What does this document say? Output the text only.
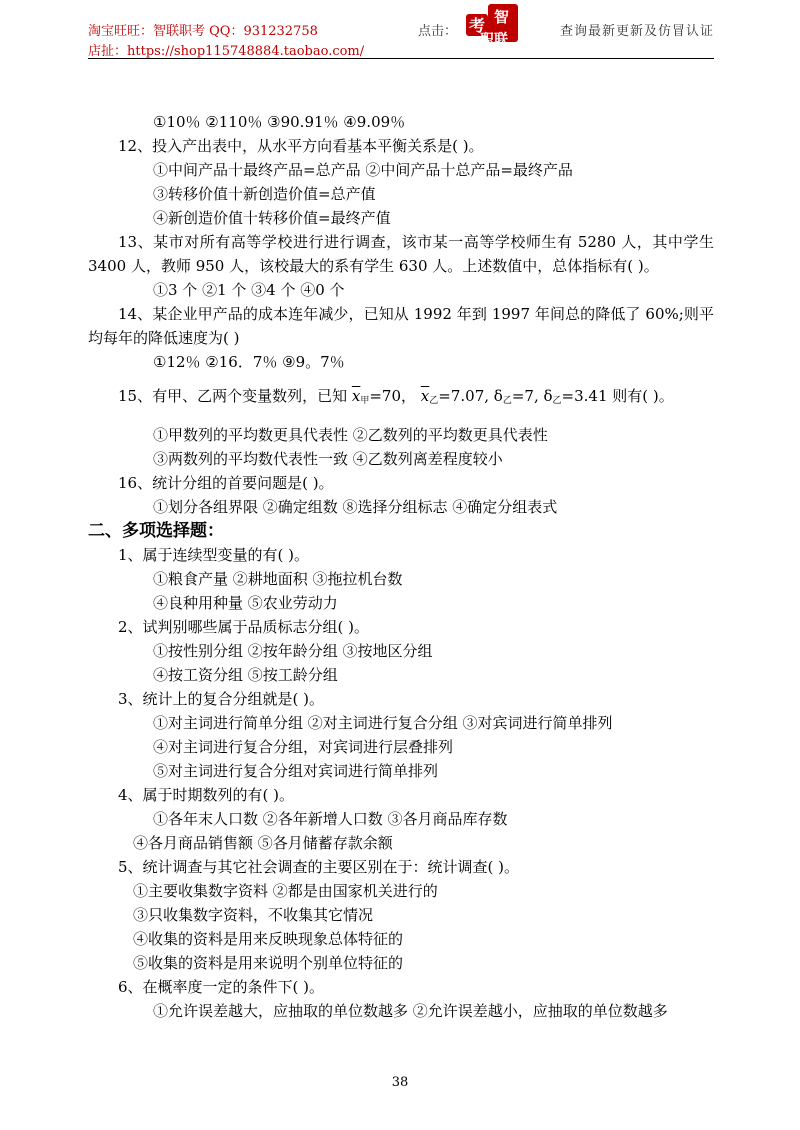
淘宝旺旺：智联职考 QQ：931232758
店扯：https://shop115748884.taobao.com/
点击： 考 智
职联
查询最新更新及仿冒认证
①10％ ②110％ ③90.91％ ④9.09％
12、投入产出表中，从水平方向看基本平衡关系是( )。
①中间产品十最终产品=总产品 ②中间产品十总产品=最终产品
③转移价值十新创造价值=总产值
④新创造价值十转移价值=最终产值
13、某市对所有高等学校进行进行调查，该市某一高等学校师生有 5280 人，其中学生 3400 人，教师 950 人，该校最大的系有学生 630 人。上述数值中，总体指标有( )。
①3 个 ②1 个 ③4 个 ④0 个
14、某企业甲产品的成本连年减少，已知从 1992 年到 1997 年间总的降低了 60%;则平均每年的降低速度为( )
①12％ ②16．7％ ⑨9。7％
15、有甲、乙两个变量数列，已知 $\overline{x}_甲=70$， $\overline{x}_乙=7.07$, $\delta_乙=7$, $\delta_乙=3.41$ 则有( )。
①甲数列的平均数更具代表性 ②乙数列的平均数更具代表性
③两数列的平均数代表性一致 ④乙数列离差程度较小
16、统计分组的首要问题是( )。
①划分各组界限 ②确定组数 ⑧选择分组标志 ④确定分组表式
二、多项选择题：
1、属于连续型变量的有( )。
①粮食产量 ②耕地面积 ③拖拉机台数
④良种用种量 ⑤农业劳动力
2、试判别哪些属于品质标志分组( )。
①按性别分组 ②按年龄分组 ③按地区分组
④按工资分组 ⑤按工龄分组
3、统计上的复合分组就是( )。
①对主词进行简单分组 ②对主词进行复合分组 ③对宾词进行简单排列
④对主词进行复合分组，对宾词进行层叠排列
⑤对主词进行复合分组对宾词进行简单排列
4、属于时期数列的有( )。
①各年末人口数 ②各年新增人口数 ③各月商品库存数
④各月商品销售额 ⑤各月储蓄存款余额
5、统计调查与其它社会调查的主要区别在于：统计调查( )。
①主要收集数字资料 ②都是由国家机关进行的
③只收集数字资料，不收集其它情况
④收集的资料是用来反映现象总体特征的
⑤收集的资料是用来说明个别单位特征的
6、在概率度一定的条件下( )。
①允许误差越大，应抽取的单位数越多 ②允许误差越小，应抽取的单位数越多
38
